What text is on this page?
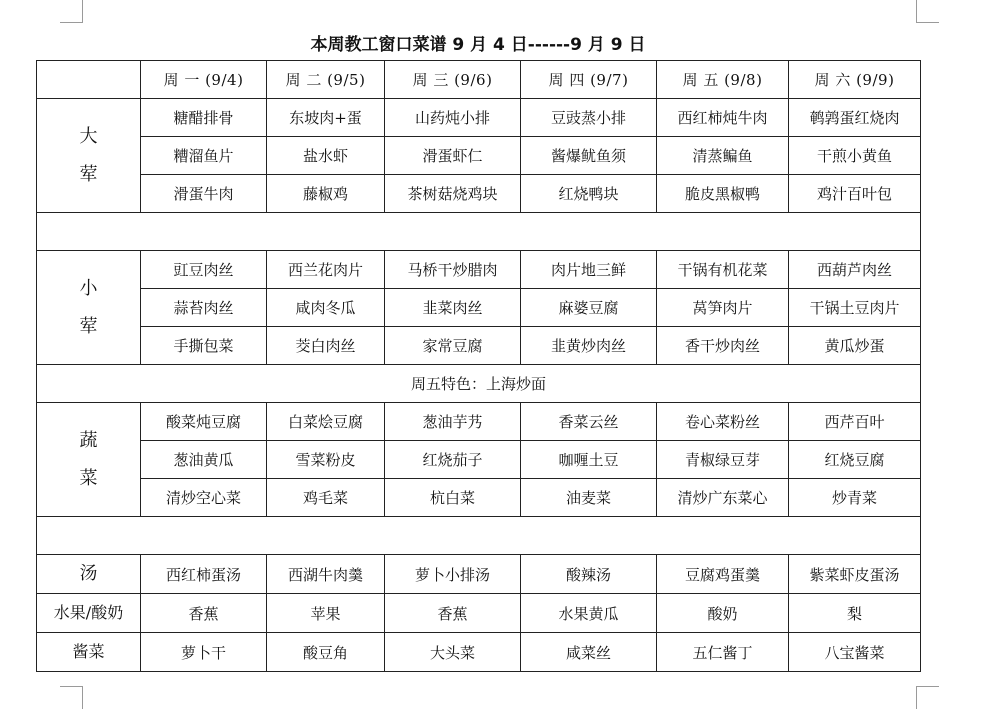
本周教工窗口菜谱 9 月 4 日------9 月 9 日
	周 一 (9/4)	周 二 (9/5)	周 三 (9/6)	周 四 (9/7)	周 五 (9/8)	周 六 (9/9)
大
荤	糖醋排骨	东坡肉+蛋	山药炖小排	豆豉蒸小排	西红柿炖牛肉	鹌鹑蛋红烧肉
	糟溜鱼片	盐水虾	滑蛋虾仁	酱爆鱿鱼须	清蒸鳊鱼	干煎小黄鱼
	滑蛋牛肉	藤椒鸡	茶树菇烧鸡块	红烧鸭块	脆皮黑椒鸭	鸡汁百叶包

小
荤	豇豆肉丝	西兰花肉片	马桥干炒腊肉	肉片地三鲜	干锅有机花菜	西葫芦肉丝
	蒜苔肉丝	咸肉冬瓜	韭菜肉丝	麻婆豆腐	莴笋肉片	干锅土豆肉片
	手撕包菜	茭白肉丝	家常豆腐	韭黄炒肉丝	香干炒肉丝	黄瓜炒蛋
周五特色：上海炒面						
蔬
菜	酸菜炖豆腐	白菜烩豆腐	葱油芋艿	香菜云丝	卷心菜粉丝	西芹百叶
	葱油黄瓜	雪菜粉皮	红烧茄子	咖喱土豆	青椒绿豆芽	红烧豆腐
	清炒空心菜	鸡毛菜	杭白菜	油麦菜	清炒广东菜心	炒青菜

汤	西红柿蛋汤	西湖牛肉羹	萝卜小排汤	酸辣汤	豆腐鸡蛋羹	紫菜虾皮蛋汤
水果/酸奶	香蕉	苹果	香蕉	水果黄瓜	酸奶	梨
酱菜	萝卜干	酸豆角	大头菜	咸菜丝	五仁酱丁	八宝酱菜
